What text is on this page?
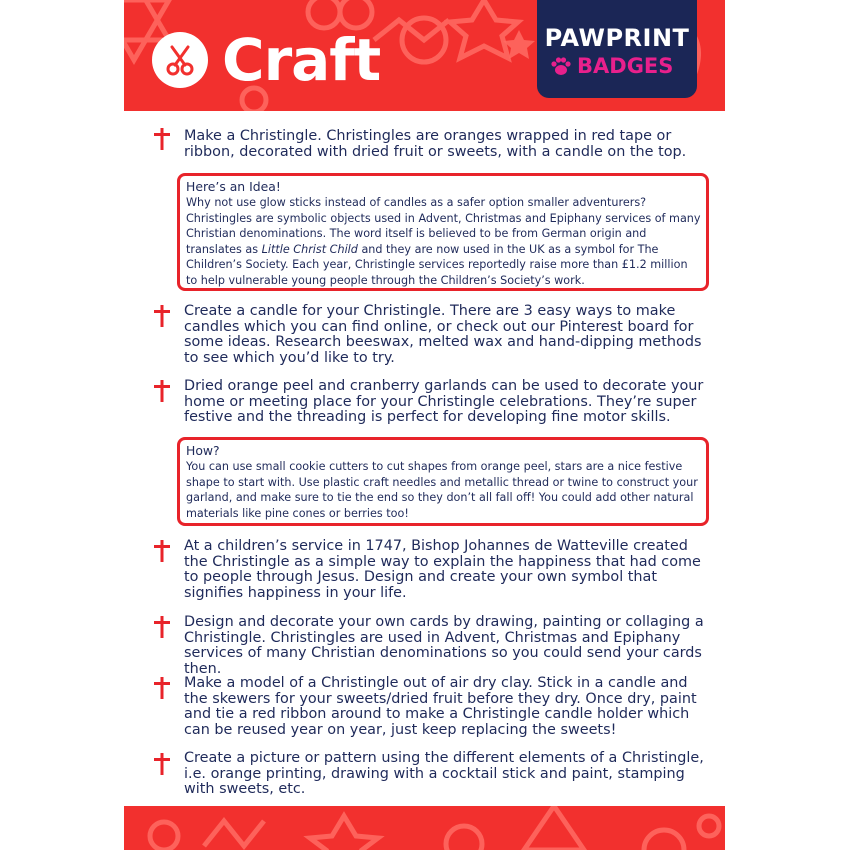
Craft	PAWPRINT
BADGES
Make a Christingle. Christingles are oranges wrapped in red tape or ribbon, decorated with dried fruit or sweets, with a candle on the top.
Here’s an Idea!
Why not use glow sticks instead of candles as a safer option smaller adventurers? Christingles are symbolic objects used in Advent, Christmas and Epiphany services of many Christian denominations. The word itself is believed to be from German origin and translates as Little Christ Child and they are now used in the UK as a symbol for The Children’s Society. Each year, Christingle services reportedly raise more than £1.2 million to help vulnerable young people through the Children’s Society’s work.
Create a candle for your Christingle. There are 3 easy ways to make candles which you can find online, or check out our Pinterest board for some ideas. Research beeswax, melted wax and hand-dipping methods to see which you’d like to try.
Dried orange peel and cranberry garlands can be used to decorate your home or meeting place for your Christingle celebrations. They’re super festive and the threading is perfect for developing fine motor skills.
How?
You can use small cookie cutters to cut shapes from orange peel, stars are a nice festive shape to start with. Use plastic craft needles and metallic thread or twine to construct your garland, and make sure to tie the end so they don’t all fall off! You could add other natural materials like pine cones or berries too!
At a children’s service in 1747, Bishop Johannes de Watteville created the Christingle as a simple way to explain the happiness that had come to people through Jesus. Design and create your own symbol that signifies happiness in your life.
Design and decorate your own cards by drawing, painting or collaging a Christingle. Christingles are used in Advent, Christmas and Epiphany services of many Christian denominations so you could send your cards then.
Make a model of a Christingle out of air dry clay. Stick in a candle and the skewers for your sweets/dried fruit before they dry. Once dry, paint and tie a red ribbon around to make a Christingle candle holder which can be reused year on year, just keep replacing the sweets!
Create a picture or pattern using the different elements of a Christingle, i.e. orange printing, drawing with a cocktail stick and paint, stamping with sweets, etc.
